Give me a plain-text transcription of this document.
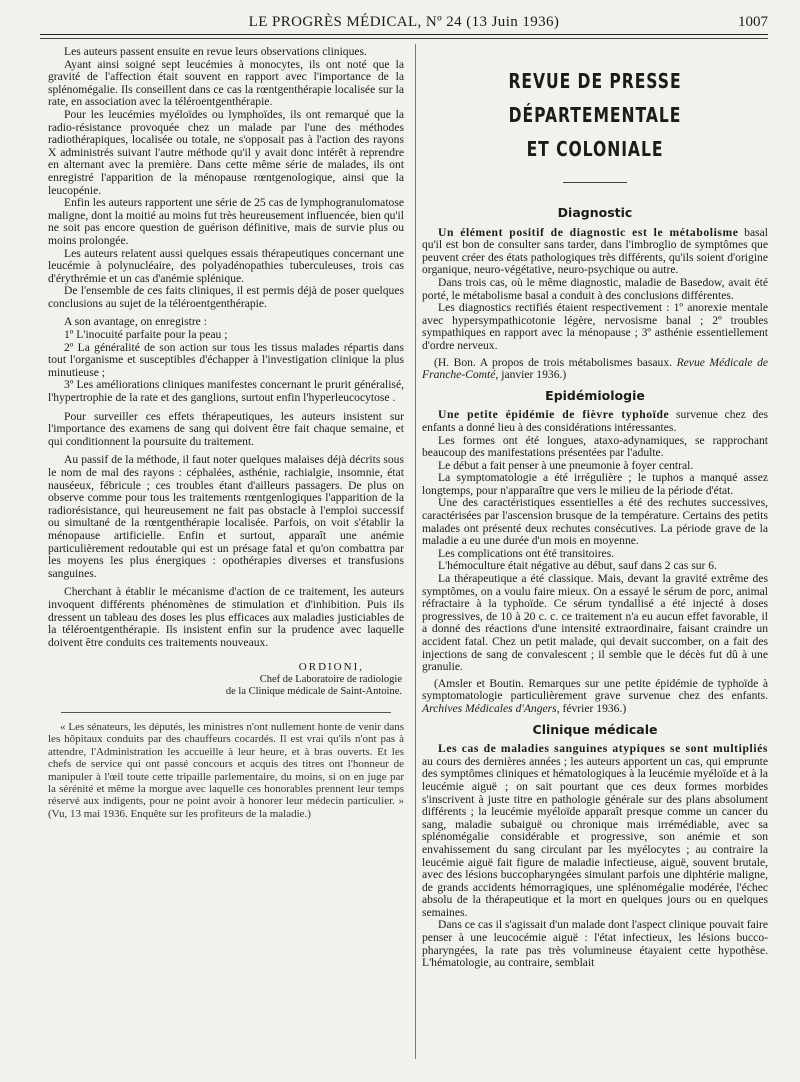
LE PROGRÈS MÉDICAL, Nº 24 (13 Juin 1936)	1007

Les auteurs passent ensuite en revue leurs observations cliniques.

Ayant ainsi soigné sept leucémies à monocytes, ils ont noté que la gravité de l'affection était souvent en rapport avec l'importance de la splénomégalie. Ils conseillent dans ce cas la rœntgenthérapie localisée sur la rate, en association avec la téléroentgenthérapie.

Pour les leucémies myéloïdes ou lymphoïdes, ils ont remarqué que la radio-résistance provoquée chez un malade par l'une des méthodes radiothérapiques, localisée ou totale, ne s'opposait pas à l'action des rayons X administrés suivant l'autre méthode qu'il y avait donc intérêt à reprendre en alternant avec la première. Dans cette même série de malades, ils ont enregistré l'apparition de la ménopause rœntgenologique, ainsi que la leucopénie.

Enfin les auteurs rapportent une série de 25 cas de lymphogranulomatose maligne, dont la moitié au moins fut très heureusement influencée, bien qu'il ne soit pas encore question de guérison définitive, mais de survie plus ou moins prolongée.

Les auteurs relatent aussi quelques essais thérapeutiques concernant une leucémie à polynucléaire, des polyadénopathies tuberculeuses, trois cas d'érythrémie et un cas d'anémie splénique.

De l'ensemble de ces faits cliniques, il est permis déjà de poser quelques conclusions au sujet de la téléroentgenthérapie.

A son avantage, on enregistre :

1º L'inocuité parfaite pour la peau ;

2º La généralité de son action sur tous les tissus malades répartis dans tout l'organisme et susceptibles d'échapper à l'investigation clinique la plus minutieuse ;

3º Les améliorations cliniques manifestes concernant le prurit généralisé, l'hypertrophie de la rate et des ganglions, surtout enfin l'hyperleucocytose .

Pour surveiller ces effets thérapeutiques, les auteurs insistent sur l'importance des examens de sang qui doivent être fait chaque semaine, et qui conditionnent la poursuite du traitement.

Au passif de la méthode, il faut noter quelques malaises déjà décrits sous le nom de mal des rayons : céphalées, asthénie, rachialgie, insomnie, état nauséeux, fébricule ; ces troubles étant d'ailleurs passagers. De plus on observe comme pour tous les traitements rœntgenlogiques l'apparition de la radiorésistance, qui heureusement ne fait pas obstacle à l'emploi successif ou simultané de la rœntgenthérapie localisée. Parfois, on voit s'établir la ménopause artificielle. Enfin et surtout, apparaît une anémie particulièrement redoutable qui est un présage fatal et qu'on combattra par les moyens les plus énergiques : opothérapies diverses et transfusions sanguines.

Cherchant à établir le mécanisme d'action de ce traitement, les auteurs invoquent différents phénomènes de stimulation et d'inhibition. Puis ils dressent un tableau des doses les plus efficaces aux maladies justiciables de la téléroentgenthérapie. Ils insistent enfin sur la prudence avec laquelle doivent être conduits ces traitements nouveaux.

ORDIONI,

Chef de Laboratoire de radiologie

de la Clinique médicale de Saint-Antoine.

« Les sénateurs, les députés, les ministres n'ont nullement honte de venir dans les hôpitaux conduits par des chauffeurs cocardés. Il est vrai qu'ils n'ont pas à attendre, l'Administration les accueille à leur heure, et à bras ouverts. Et les chefs de service qui ont passé concours et acquis des titres ont l'honneur de manipuler à l'œil toute cette tripaille parlementaire, du moins, si on en juge par la sérénité et même la morgue avec laquelle ces honorables prennent leur temps réservé aux indigents, pour ne point avoir à honorer leur médecin particulier. » (Vu, 13 mai 1936. Enquête sur les profiteurs de la maladie.)

REVUE DE PRESSE DÉPARTEMENTALE
ET COLONIALE
Diagnostic

Un élément positif de diagnostic est le métabolisme basal qu'il est bon de consulter sans tarder, dans l'imbroglio de symptômes que peuvent créer des états pathologiques très différents, qu'ils soient d'origine organique, neuro-végétative, neuro-psychique ou autre.

Dans trois cas, où le même diagnostic, maladie de Basedow, avait été porté, le métabolisme basal a conduit à des conclusions différentes.

Les diagnostics rectifiés étaient respectivement : 1º anorexie mentale avec hypersympathicotonie légère, nervosisme banal ; 2º troubles sympathiques en rapport avec la ménopause ; 3º asthénie essentiellement d'ordre nerveux.

(H. Bon. A propos de trois métabolismes basaux. Revue Médicale de Franche-Comté, janvier 1936.)

Epidémiologie

Une petite épidémie de fièvre typhoïde survenue chez des enfants a donné lieu à des considérations intéressantes.

Les formes ont été longues, ataxo-adynamiques, se rapprochant beaucoup des manifestations présentées par l'adulte.

Le début a fait penser à une pneumonie à foyer central.

La symptomatologie a été irrégulière ; le tuphos a manqué assez longtemps, pour n'apparaître que vers le milieu de la période d'état.

Une des caractéristiques essentielles a été des rechutes successives, caractérisées par l'ascension brusque de la température. Certains des petits malades ont présenté deux rechutes consécutives. La période grave de la maladie a eu une durée d'un mois en moyenne.

Les complications ont été transitoires.

L'hémoculture était négative au début, sauf dans 2 cas sur 6.

La thérapeutique a été classique. Mais, devant la gravité extrême des symptômes, on a voulu faire mieux. On a essayé le sérum de porc, animal réfractaire à la typhoïde. Ce sérum tyndallisé a été injecté à doses progressives, de 10 à 20 c. c. ce traitement n'a eu aucun effet favorable, il a donné des réactions d'une intensité extraordinaire, faisant craindre un accident fatal. Chez un petit malade, qui devait succomber, on a fait des injections de sang de convalescent ; il semble que le décès fut dû à une granulie.

(Amsler et Boutin. Remarques sur une petite épidémie de typhoïde à symptomatologie particulièrement grave survenue chez des enfants. Archives Médicales d'Angers, février 1936.)

Clinique médicale

Les cas de maladies sanguines atypiques se sont multipliés au cours des dernières années ; les auteurs apportent un cas, qui emprunte des symptômes cliniques et hématologiques à la leucémie myéloïde et à la leucémie aiguë ; on sait pourtant que ces deux formes morbides s'inscrivent à juste titre en pathologie générale sur des plans absolument différents ; la leucémie myéloïde apparaît presque comme un cancer du sang, maladie subaiguë ou chronique mais irrémédiable, avec sa splénomégalie considérable et progressive, son anémie et son envahissement du sang circulant par les myélocytes ; au contraire la leucémie aiguë fait figure de maladie infectieuse, aiguë, souvent brutale, avec des lésions buccopharyngées simulant parfois une diphtérie maligne, de grands accidents hémorragiques, une splénomégalie modérée, l'échec absolu de la thérapeutique et la mort en quelques jours ou en quelques semaines.

Dans ce cas il s'agissait d'un malade dont l'aspect clinique pouvait faire penser à une leucocémie aiguë : l'état infectieux, les lésions bucco-pharyngées, la rate pas très volumineuse étayaient cette hypothèse. L'hématologie, au contraire, semblait
